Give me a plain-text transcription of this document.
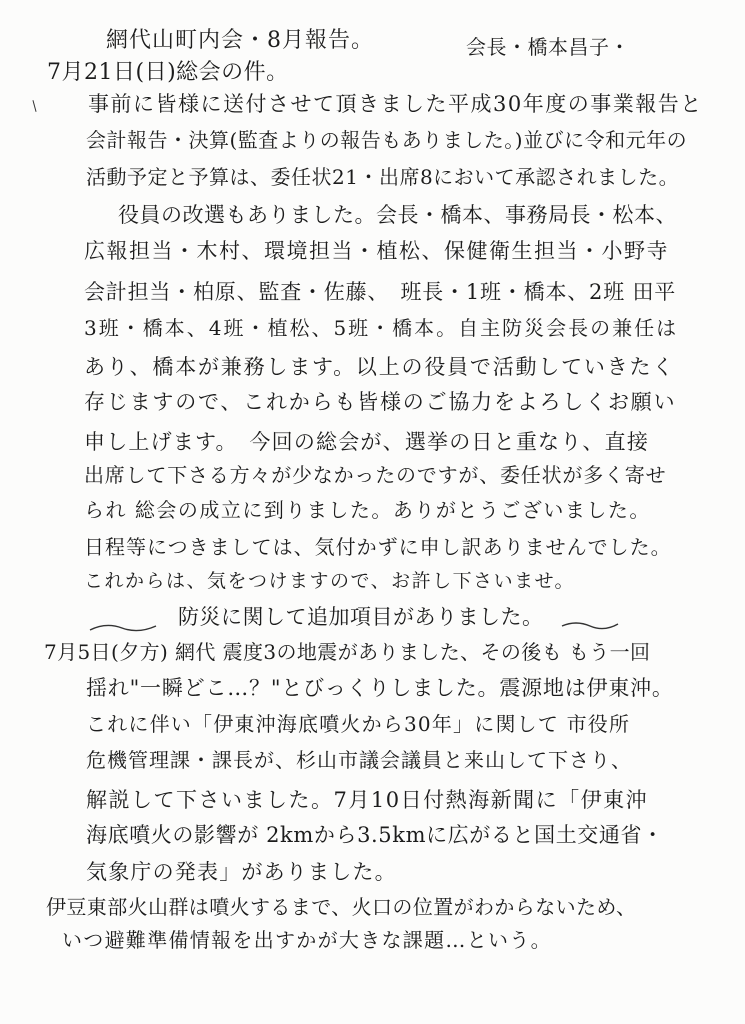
網代山町内会・8月報告。	会長・橋本昌子・
7月21日(日)総会の件。
事前に皆様に送付させて頂きました平成30年度の事業報告と
会計報告・決算(監査よりの報告もありました。)並びに令和元年の
活動予定と予算は、委任状21・出席8において承認されました。
役員の改選もありました。会長・橋本、事務局長・松本、
広報担当・木村、環境担当・植松、保健衛生担当・小野寺
会計担当・柏原、監査・佐藤、　班長・1班・橋本、2班 田平
3班・橋本、4班・植松、5班・橋本。自主防災会長の兼任は
あり、橋本が兼務します。以上の役員で活動していきたく
存じますので、これからも皆様のご協力をよろしくお願い
申し上げます。　今回の総会が、選挙の日と重なり、直接
出席して下さる方々が少なかったのですが、委任状が多く寄せ
られ 総会の成立に到りました。ありがとうございました。
日程等につきましては、気付かずに申し訳ありませんでした。
これからは、気をつけますので、お許し下さいませ。
防災に関して追加項目がありました。
7月5日(夕方) 網代 震度3の地震がありました、その後も もう一回
揺れ"一瞬どこ…？"とびっくりしました。震源地は伊東沖。
これに伴い「伊東沖海底噴火から30年」に関して 市役所
危機管理課・課長が、杉山市議会議員と来山して下さり、
解説して下さいました。7月10日付熱海新聞に「伊東沖
海底噴火の影響が 2kmから3.5kmに広がると国土交通省・
気象庁の発表」がありました。
伊豆東部火山群は噴火するまで、火口の位置がわからないため、
いつ避難準備情報を出すかが大きな課題…という。
